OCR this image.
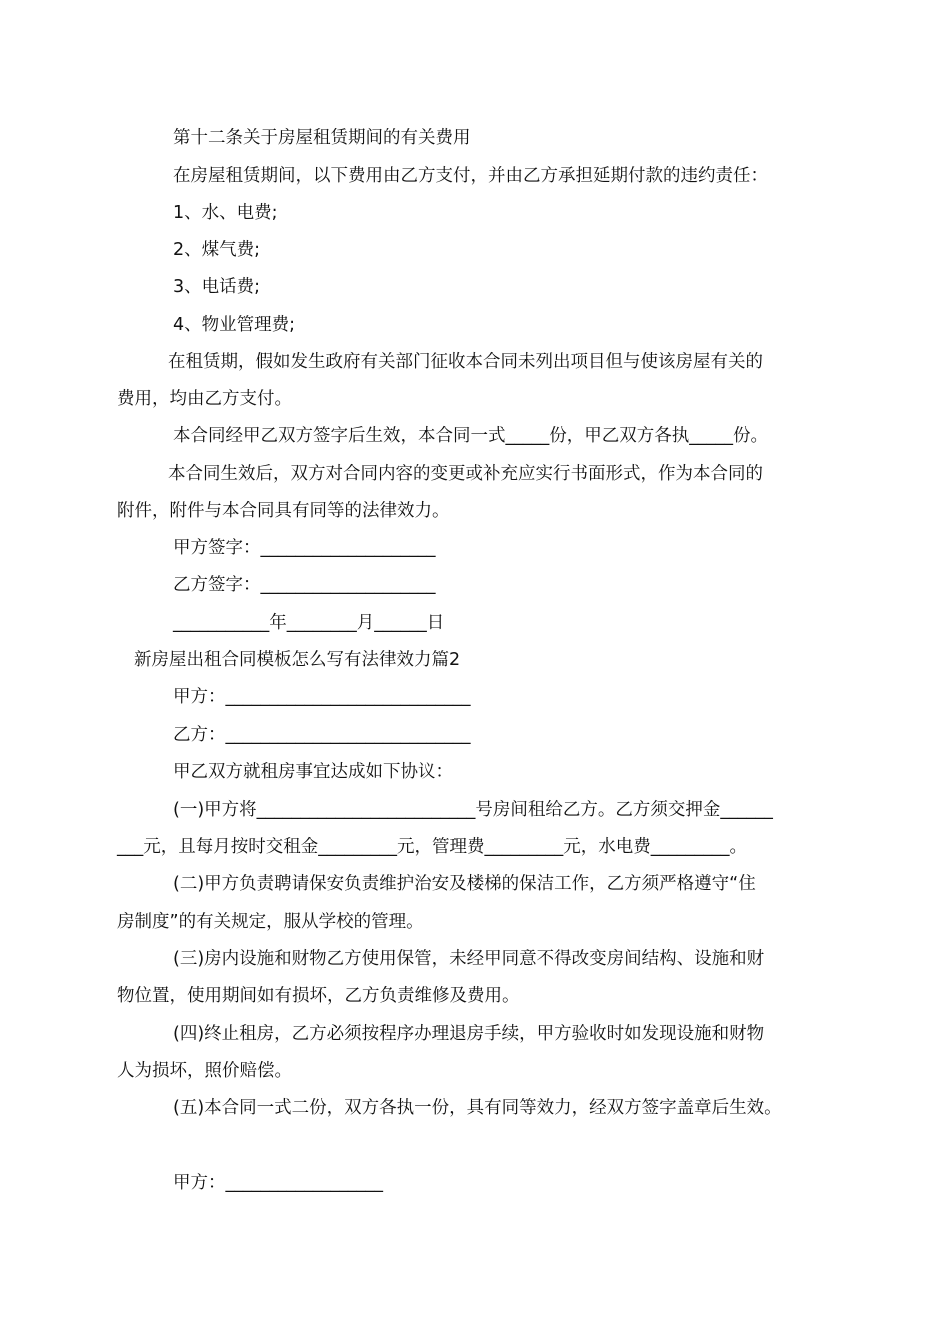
第十二条关于房屋租赁期间的有关费用
在房屋租赁期间，以下费用由乙方支付，并由乙方承担延期付款的违约责任：
1、水、电费;
2、煤气费;
3、电话费;
4、物业管理费;
在租赁期，假如发生政府有关部门征收本合同未列出项目但与使该房屋有关的
费用，均由乙方支付。
本合同经甲乙双方签字后生效，本合同一式_____份，甲乙双方各执_____份。
本合同生效后，双方对合同内容的变更或补充应实行书面形式，作为本合同的
附件，附件与本合同具有同等的法律效力。
甲方签字：____________________
乙方签字：____________________
___________年________月______日
新房屋出租合同模板怎么写有法律效力篇2
甲方：____________________________
乙方：____________________________
甲乙双方就租房事宜达成如下协议：
(一)甲方将_________________________号房间租给乙方。乙方须交押金______
___元，且每月按时交租金_________元，管理费_________元，水电费_________。
(二)甲方负责聘请保安负责维护治安及楼梯的保洁工作，乙方须严格遵守“住
房制度”的有关规定，服从学校的管理。
(三)房内设施和财物乙方使用保管，未经甲同意不得改变房间结构、设施和财
物位置，使用期间如有损坏，乙方负责维修及费用。
(四)终止租房，乙方必须按程序办理退房手续，甲方验收时如发现设施和财物
人为损坏，照价赔偿。
(五)本合同一式二份，双方各执一份，具有同等效力，经双方签字盖章后生效。
甲方：__________________
